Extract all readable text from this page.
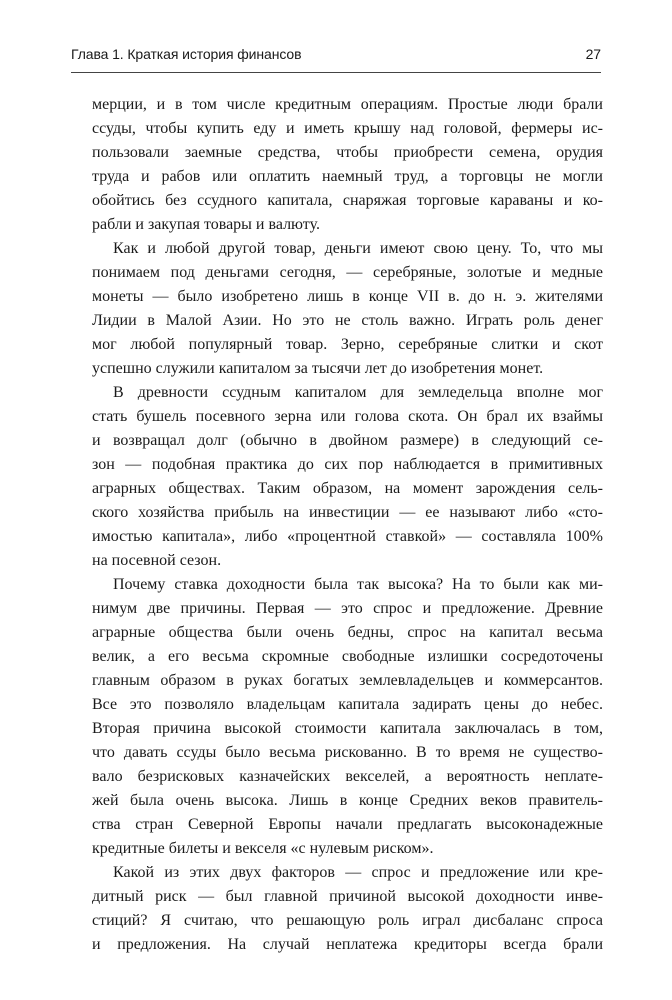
Глава 1. Краткая история финансов	27

мерции, и в том числе кредитным операциям. Простые люди брали
ссуды, чтобы купить еду и иметь крышу над головой, фермеры ис-
пользовали заемные средства, чтобы приобрести семена, орудия
труда и рабов или оплатить наемный труд, а торговцы не могли
обойтись без ссудного капитала, снаряжая торговые караваны и ко-
рабли и закупая товары и валюту.

Как и любой другой товар, деньги имеют свою цену. То, что мы
понимаем под деньгами сегодня, — серебряные, золотые и медные
монеты — было изобретено лишь в конце VII в. до н. э. жителями
Лидии в Малой Азии. Но это не столь важно. Играть роль денег
мог любой популярный товар. Зерно, серебряные слитки и скот
успешно служили капиталом за тысячи лет до изобретения монет.

В древности ссудным капиталом для земледельца вполне мог
стать бушель посевного зерна или голова скота. Он брал их взаймы
и возвращал долг (обычно в двойном размере) в следующий се-
зон — подобная практика до сих пор наблюдается в примитивных
аграрных обществах. Таким образом, на момент зарождения сель-
ского хозяйства прибыль на инвестиции — ее называют либо «сто-
имостью капитала», либо «процентной ставкой» — составляла 100%
на посевной сезон.

Почему ставка доходности была так высока? На то были как ми-
нимум две причины. Первая — это спрос и предложение. Древние
аграрные общества были очень бедны, спрос на капитал весьма
велик, а его весьма скромные свободные излишки сосредоточены
главным образом в руках богатых землевладельцев и коммерсантов.
Все это позволяло владельцам капитала задирать цены до небес.
Вторая причина высокой стоимости капитала заключалась в том,
что давать ссуды было весьма рискованно. В то время не существо-
вало безрисковых казначейских векселей, а вероятность неплате-
жей была очень высока. Лишь в конце Средних веков правитель-
ства стран Северной Европы начали предлагать высоконадежные
кредитные билеты и векселя «с нулевым риском».

Какой из этих двух факторов — спрос и предложение или кре-
дитный риск — был главной причиной высокой доходности инве-
стиций? Я считаю, что решающую роль играл дисбаланс спроса
и предложения. На случай неплатежа кредиторы всегда брали
